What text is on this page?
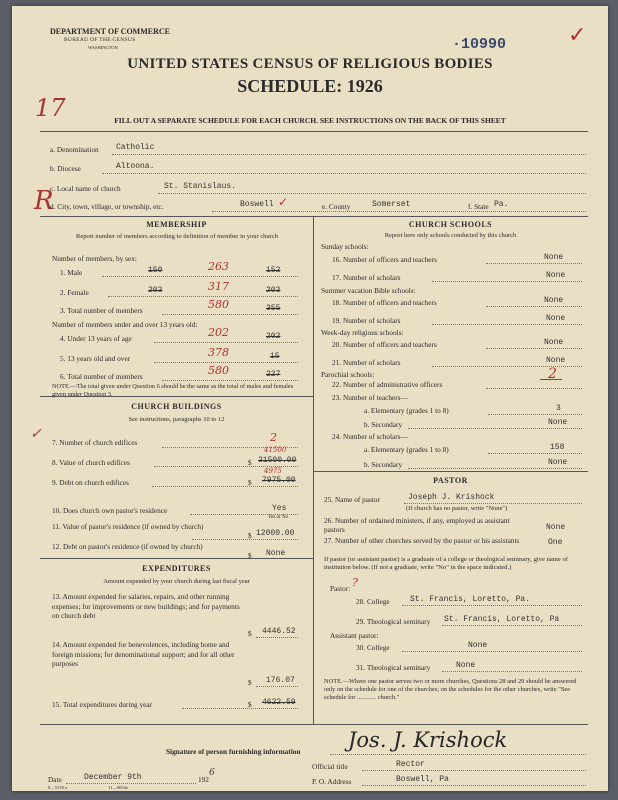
DEPARTMENT OF COMMERCE
BUREAU OF THE CENSUS
WASHINGTON	·10990	✓
UNITED STATES CENSUS OF RELIGIOUS BODIES
SCHEDULE: 1926
17	FILL OUT A SEPARATE SCHEDULE FOR EACH CHURCH. SEE INSTRUCTIONS ON THE BACK OF THIS SHEET
a. Denomination Catholic
b. Diocese	Altoona.
R
c. Local name of church	St. Stanislaus.
d. City, town, village, or township, etc.	Boswell ✓	e. County	Somerset	f. State Pa.
MEMBERSHIP
Report number of members according to definition of member in your church
Number of members, by sex:
1. Male	150	263	152
2. Female	203	317	203
3. Total number of members	580	355
Number of members under and over 13 years old:
4. Under 13 years of age	202	202
5. 13 years old and over	378	15
6. Total number of members	580	227
NOTE.—The total given under Question 6 should be the same as the total of males and females given under Question 3.
CHURCH BUILDINGS
See instructions, paragraphs 10 to 12
✓
7. Number of church edifices	2
8. Value of church edifices	$
41500
31500.00
9. Debt on church edifices	$
4975
7975.00
10. Does church own pastor's residence	Yes
Yes or No
11. Value of pastor's residence (if owned by church)
$ 12000.00
12. Debt on pastor's residence (if owned by church)
$ None
EXPENDITURES
Amount expended by your church during last fiscal year
13. Amount expended for salaries, repairs, and other running expenses; for improvements or new buildings; and for payments on church debt
$ 4446.52
14. Amount expended for benevolences, including home and foreign missions; for denominational support; and for all other purposes
$ 176.07
15. Total expenditures during year	$ 4622.59
CHURCH SCHOOLS
Report here only schools conducted by this church
Sunday schools:
16. Number of officers and teachers	None
17. Number of scholars	None
Summer vacation Bible schools:
18. Number of officers and teachers	None
19. Number of scholars	None
Week-day religious schools:
20. Number of officers and teachers	None
21. Number of scholars	None
Parochial schools:
22. Number of administrative officers
2
23. Number of teachers—
a. Elementary (grades 1 to 8)	3
b. Secondary	None
24. Number of scholars—
a. Elementary (grades 1 to 8)	158
b. Secondary	None
PASTOR
25. Name of pastor	Joseph J. Krishock
(If church has no pastor, write "None")
26. Number of ordained ministers, if any, employed as assistant pastors	None
27. Number of other churches served by the pastor or his assistants	One
If pastor (or assistant pastor) is a graduate of a college or theological seminary, give name of institution below. (If not a graduate, write "No" in the space indicated.)
Pastor: ?
28. College	St. Francis, Loretto, Pa.
29. Theological seminary St. Francis, Loretto, Pa
Assistant pastor:
30. College	None
31. Theological seminary	None
NOTE.—Where one pastor serves two or more churches, Questions 28 and 29 should be answered only on the schedule for one of the churches; on the schedules for the other churches, write "See schedule for ............ church."
Signature of person furnishing information Jos. J. Krishock
Official title	Rector
Date	December 9th	192
6
P. O. Address	Boswell, Pa
8—5318 a	11—9054e
